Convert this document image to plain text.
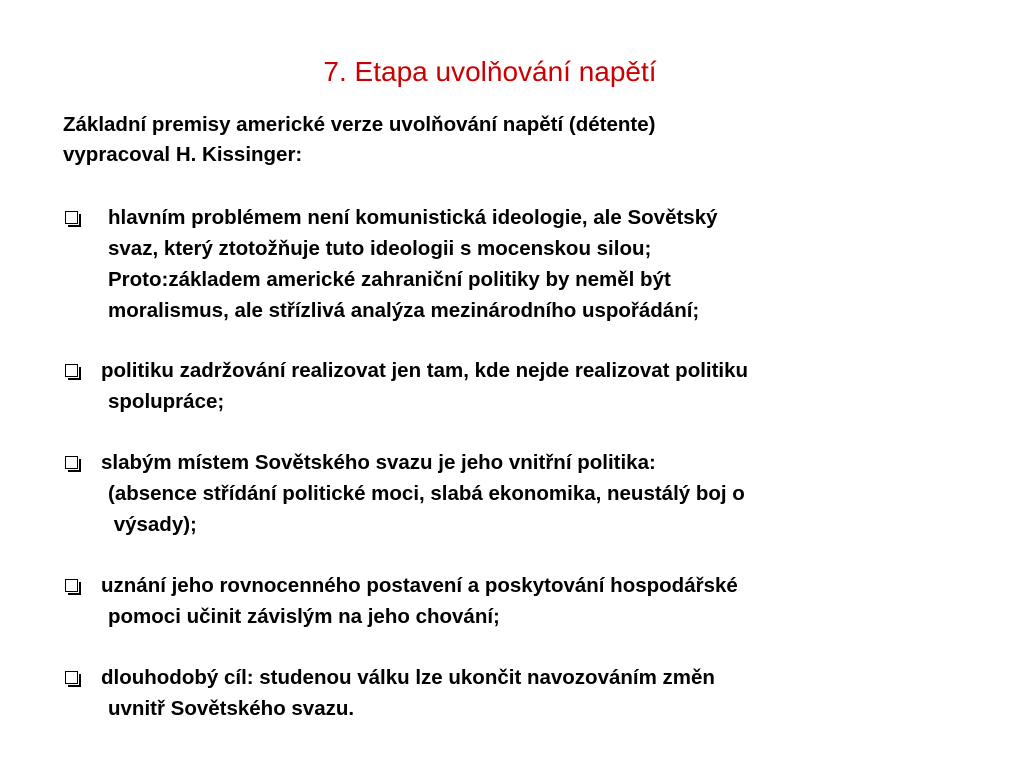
7. Etapa uvolňování napětí
Základní premisy americké verze uvolňování napětí (détente)
vypracoval H. Kissinger:
hlavním problémem není komunistická ideologie, ale Sovětský
svaz, který ztotožňuje tuto ideologii s mocenskou silou;
Proto:základem americké zahraniční politiky by neměl být
moralismus, ale střízlivá analýza mezinárodního uspořádání;
politiku zadržování realizovat jen tam, kde nejde realizovat politiku
spolupráce;
slabým místem Sovětského svazu je jeho vnitřní politika:
(absence střídání politické moci, slabá ekonomika, neustálý boj o
výsady);
uznání jeho rovnocenného postavení a poskytování hospodářské
pomoci učinit závislým na jeho chování;
dlouhodobý cíl: studenou válku lze ukončit navozováním změn
uvnitř Sovětského svazu.
